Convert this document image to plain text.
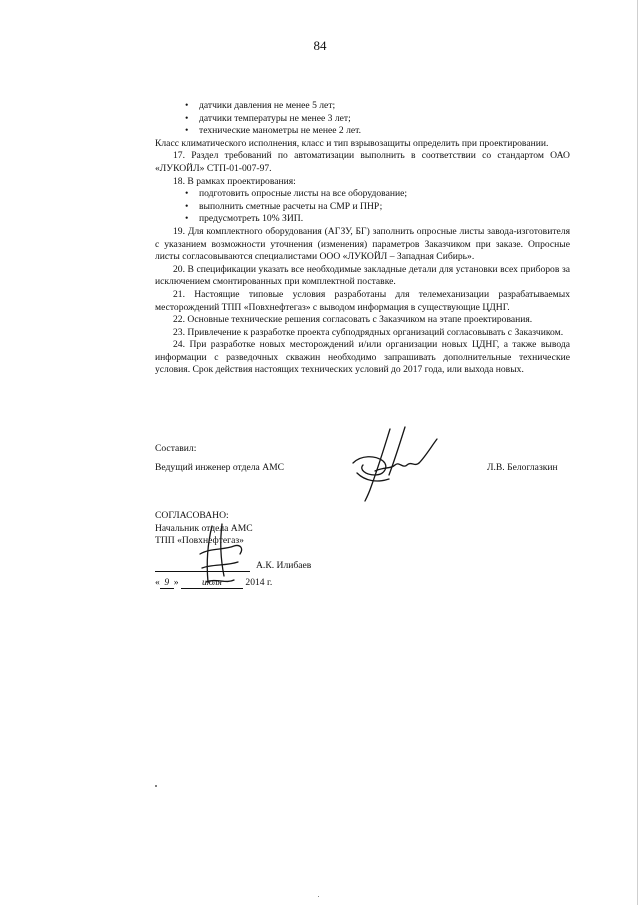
84
• датчики давления не менее 5 лет;
• датчики температуры не менее 3 лет;
• технические манометры не менее 2 лет.

Класс климатического исполнения, класс и тип взрывозащиты определить при проектировании.

17. Раздел требований по автоматизации выполнить в соответствии со стандартом ОАО «ЛУКОЙЛ» СТП-01-007-97.

18. В рамках проектирования:

• подготовить опросные листы на все оборудование;
• выполнить сметные расчеты на СМР и ПНР;
• предусмотреть 10% ЗИП.

19. Для комплектного оборудования (АГЗУ, БГ) заполнить опросные листы завода-изготовителя с указанием возможности уточнения (изменения) параметров Заказчиком при заказе. Опросные листы согласовываются специалистами ООО «ЛУКОЙЛ – Западная Сибирь».

20. В спецификации указать все необходимые закладные детали для установки всех приборов за исключением смонтированных при комплектной поставке.

21. Настоящие типовые условия разработаны для телемеханизации разрабатываемых месторождений ТПП «Повхнефтегаз» с выводом информация в существующие ЦДНГ.

22. Основные технические решения согласовать с Заказчиком на этапе проектирования.

23. Привлечение к разработке проекта субподрядных организаций согласовывать с Заказчиком.

24. При разработке новых месторождений и/или организации новых ЦДНГ, а также вывода информации с разведочных скважин необходимо запрашивать дополнительные технические условия. Срок действия настоящих технических условий до 2017 года, или выхода новых.

Составил:
Ведущий инженер отдела АМС	Л.В. Белоглазкин
СОГЛАСОВАНО:
Начальник отдела АМС
ТПП «Повхнефтегаз»
А.К. Илибаев
« 9 » июля 2014 г.
